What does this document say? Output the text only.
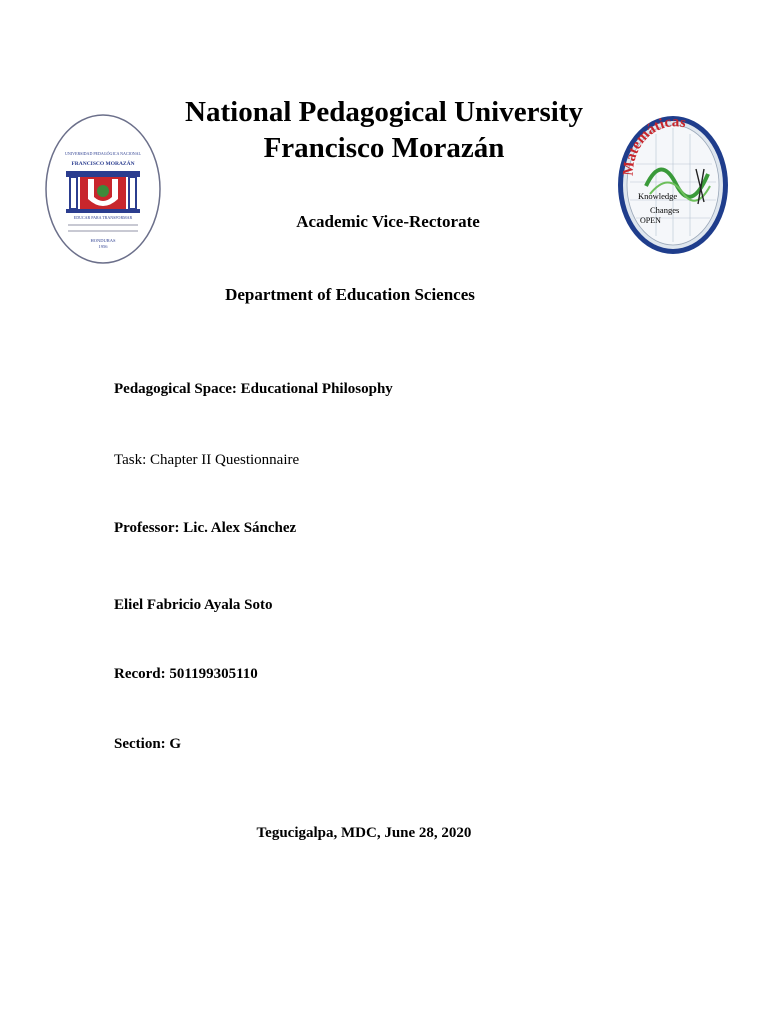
UNIVERSIDAD PEDAGÓGICA NACIONAL
FRANCISCO MORAZÁN
EDUCAR PARA TRANSFORMAR
HONDURAS
1956
National Pedagogical University
Francisco Morazán
Matemáticas
Knowledge
Changes
OPEN
Academic Vice-Rectorate
Department of Education Sciences
Pedagogical Space: Educational Philosophy
Task: Chapter II Questionnaire
Professor: Lic. Alex Sánchez
Eliel Fabricio Ayala Soto
Record: 501199305110
Section: G
Tegucigalpa, MDC, June 28, 2020
